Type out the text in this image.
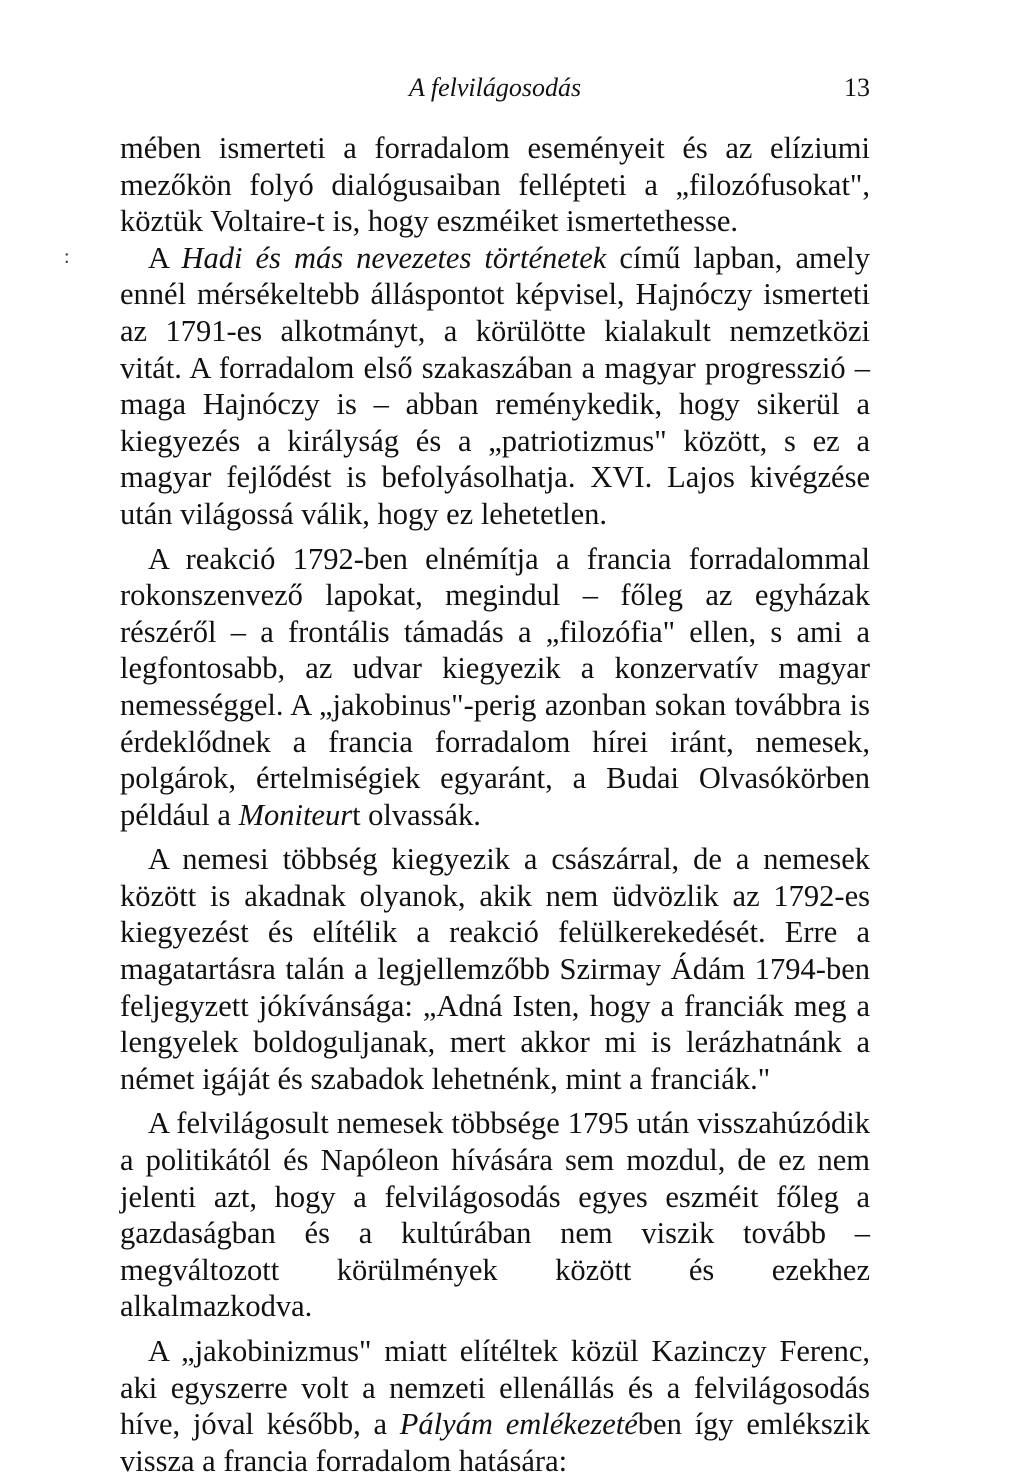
A felvilágosodás	13
:

mében ismerteti a forradalom eseményeit és az elíziumi mezőkön folyó dialógusaiban fellépteti a „filozófusokat", köztük Voltaire-t is, hogy eszméiket ismertethesse.

A Hadi és más nevezetes történetek című lapban, amely ennél mérsékeltebb álláspontot képvisel, Hajnóczy ismerteti az 1791-es alkotmányt, a körülötte kialakult nemzetközi vitát. A forradalom első szakaszában a magyar progresszió – maga Hajnóczy is – abban reménykedik, hogy sikerül a kiegyezés a királyság és a „patriotizmus" között, s ez a magyar fejlődést is befolyásolhatja. XVI. Lajos kivégzése után világossá válik, hogy ez lehetetlen.

A reakció 1792-ben elnémítja a francia forradalommal rokonszenvező lapokat, megindul – főleg az egyházak részéről – a frontális támadás a „filozófia" ellen, s ami a legfontosabb, az udvar kiegyezik a konzervatív magyar nemességgel. A „jakobinus"-perig azonban sokan továbbra is érdeklődnek a francia forradalom hírei iránt, nemesek, polgárok, értelmiségiek egyaránt, a Budai Olvasókörben például a Moniteurt olvassák.

A nemesi többség kiegyezik a császárral, de a nemesek között is akadnak olyanok, akik nem üdvözlik az 1792-es kiegyezést és elítélik a reakció felülkerekedését. Erre a magatartásra talán a legjellemzőbb Szirmay Ádám 1794-ben feljegyzett jókívánsága: „Adná Isten, hogy a franciák meg a lengyelek boldoguljanak, mert akkor mi is lerázhatnánk a német igáját és szabadok lehetnénk, mint a franciák."

A felvilágosult nemesek többsége 1795 után visszahúzódik a politikától és Napóleon hívására sem mozdul, de ez nem jelenti azt, hogy a felvilágosodás egyes eszméit főleg a gazdaságban és a kultúrában nem viszik tovább – megváltozott körülmények között és ezekhez alkalmazkodva.

A „jakobinizmus" miatt elítéltek közül Kazinczy Ferenc, aki egyszerre volt a nemzeti ellenállás és a felvilágosodás híve, jóval később, a Pályám emlékezetében így emlékszik vissza a francia forradalom hatására:
